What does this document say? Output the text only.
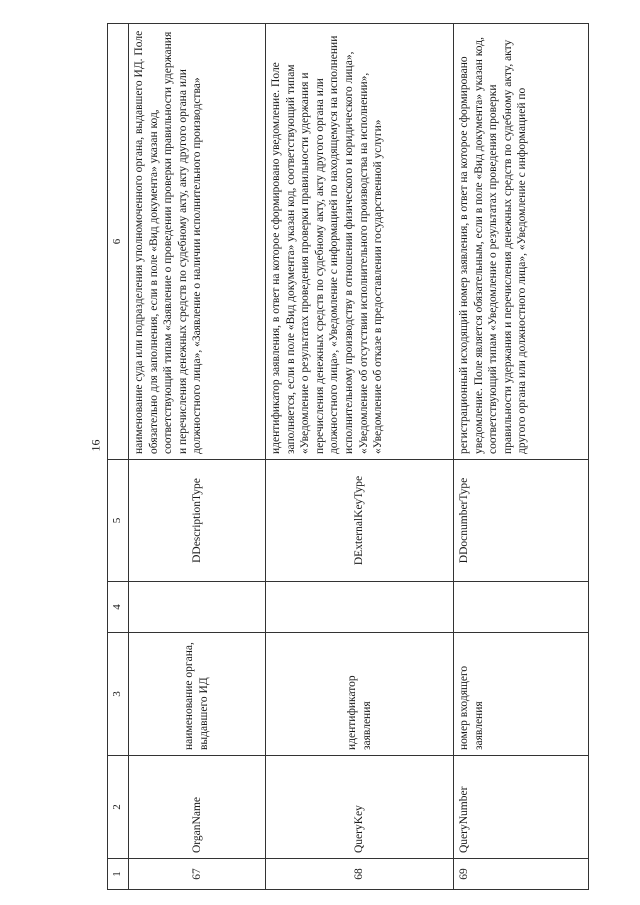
16
1	2	3	4	5	6
67	OrganName	наименование органа, выдавшего ИД		DDescriptionType	наименование суда или подразделения уполномоченного органа, выдавшего ИД. Поле обязательно для заполнения, если в поле «Вид документа» указан код, соответствующий типам «Заявление о проведении проверки правильности удержания и перечисления денежных средств по судебному акту, акту другого органа или должностного лица», «Заявление о наличии исполнительного производства»

68	QueryKey	идентификатор заявления		DExternalKeyType	идентификатор заявления, в ответ на которое сформировано уведомление. Поле заполняется, если в поле «Вид документа» указан код, соответствующий типам «Уведомление о результатах проведения проверки правильности удержания и перечисления денежных средств по судебному акту, акту другого органа или должностного лица», «Уведомление с информацией по находящемуся на исполнении исполнительному производству в отношении физического и юридического лица», «Уведомление об отсутствии исполнительного производства на исполнении», «Уведомление об отказе в предоставлении государственной услуги»

69	QueryNumber	номер входящего заявления		DDocnumberType	регистрационный исходящий номер заявления, в ответ на которое сформировано уведомление. Поле является обязательным, если в поле «Вид документа» указан код, соответствующий типам «Уведомление о результатах проведения проверки правильности удержания и перечисления денежных средств по судебному акту, акту другого органа или должностного лица», «Уведомление с информацией по
